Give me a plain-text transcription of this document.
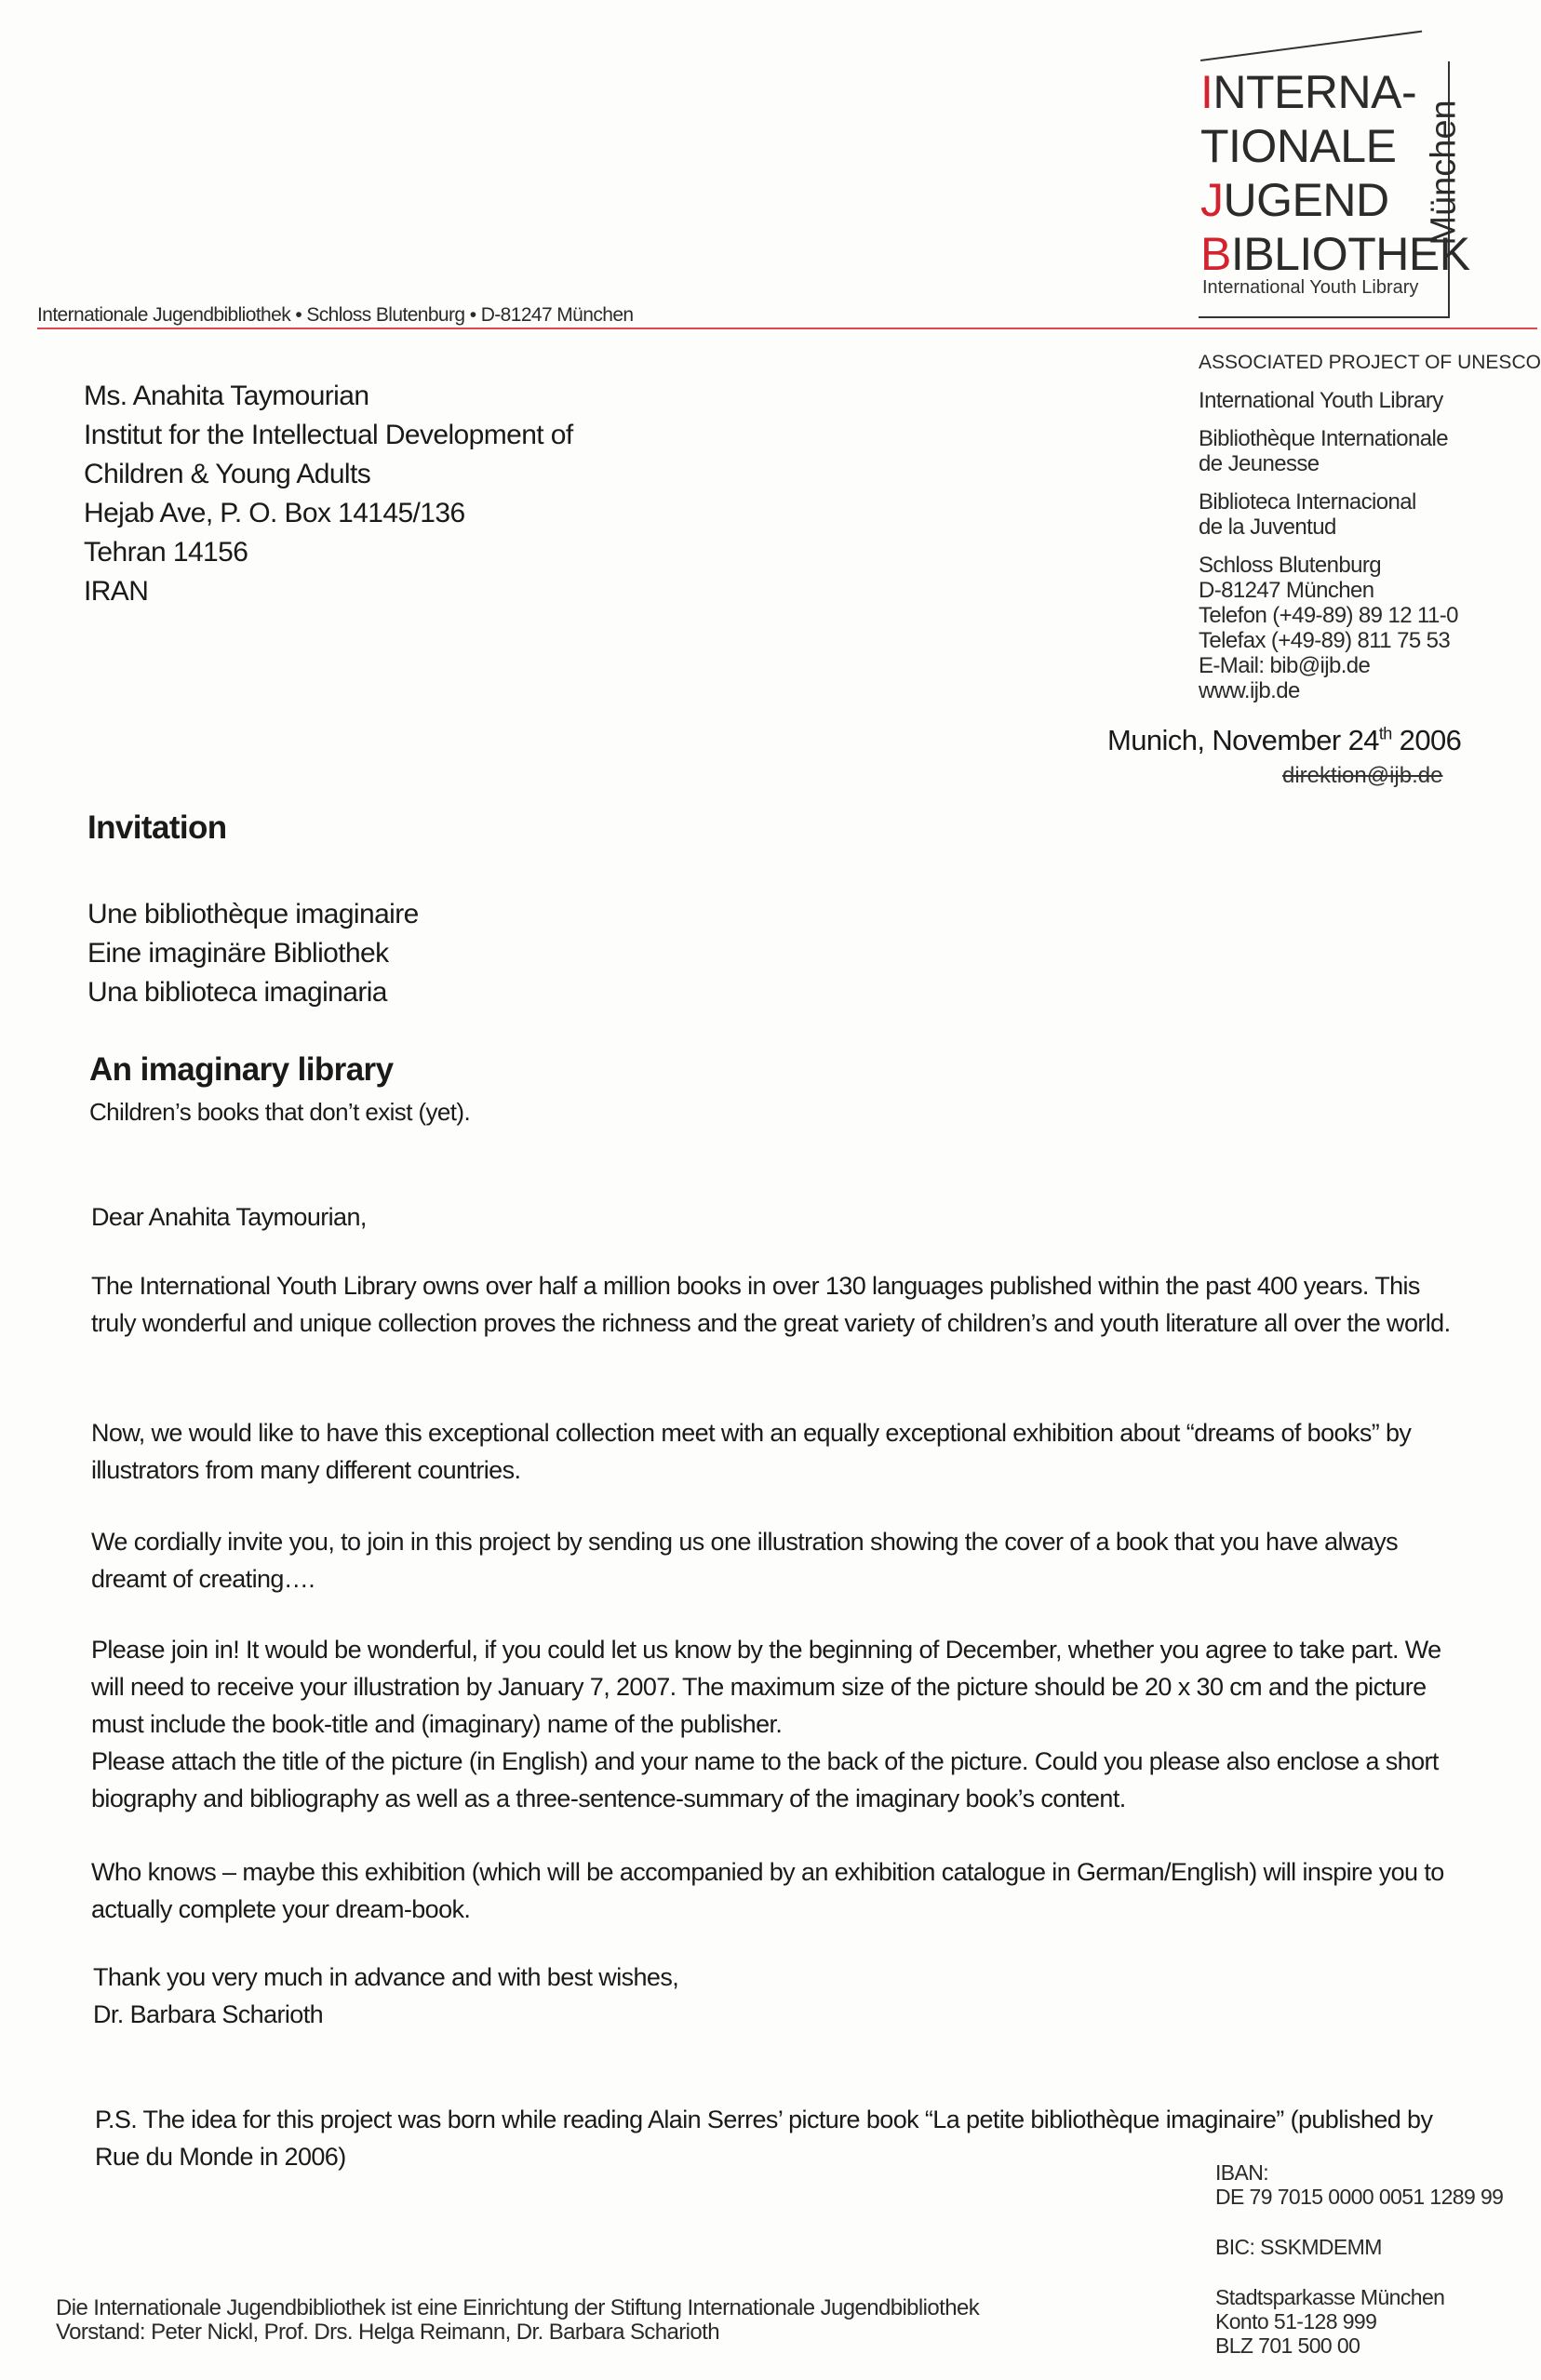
INTERNA-
TIONALE
JUGEND
BIBLIOTHEK
München
International Youth Library
Internationale Jugendbibliothek • Schloss Blutenburg • D-81247 München
Ms. Anahita Taymourian
Institut for the Intellectual Development of
Children & Young Adults
Hejab Ave, P. O. Box 14145/136
Tehran 14156
IRAN
ASSOCIATED PROJECT OF UNESCO
International Youth Library
Bibliothèque Internationale
de Jeunesse
Biblioteca Internacional
de la Juventud
Schloss Blutenburg
D-81247 München
Telefon (+49-89) 89 12 11-0
Telefax (+49-89) 811 75 53
E-Mail: bib@ijb.de
www.ijb.de
Munich, November 24th 2006
direktion@ijb.de
Invitation
Une bibliothèque imaginaire
Eine imaginäre Bibliothek
Una biblioteca imaginaria
An imaginary library
Children’s books that don’t exist (yet).
Dear Anahita Taymourian,
The International Youth Library owns over half a million books in over 130 languages published within the past 400 years. This truly wonderful and unique collection proves the richness and the great variety of children’s and youth literature all over the world.
Now, we would like to have this exceptional collection meet with an equally exceptional exhibition about “dreams of books” by illustrators from many different countries.
We cordially invite you, to join in this project by sending us one illustration showing the cover of a book that you have always dreamt of creating….
Please join in! It would be wonderful, if you could let us know by the beginning of December, whether you agree to take part. We will need to receive your illustration by January 7, 2007. The maximum size of the picture should be 20 x 30 cm and the picture must include the book-title and (imaginary) name of the publisher.
Please attach the title of the picture (in English) and your name to the back of the picture. Could you please also enclose a short biography and bibliography as well as a three-sentence-summary of the imaginary book’s content.
Who knows – maybe this exhibition (which will be accompanied by an exhibition catalogue in German/English) will inspire you to actually complete your dream-book.
Thank you very much in advance and with best wishes,
Dr. Barbara Scharioth
P.S. The idea for this project was born while reading Alain Serres’ picture book “La petite bibliothèque imaginaire” (published by Rue du Monde in 2006)
IBAN:
DE 79 7015 0000 0051 1289 99
BIC: SSKMDEMM
Stadtsparkasse München
Konto 51-128 999
BLZ 701 500 00
Die Internationale Jugendbibliothek ist eine Einrichtung der Stiftung Internationale Jugendbibliothek
Vorstand: Peter Nickl, Prof. Drs. Helga Reimann, Dr. Barbara Scharioth
